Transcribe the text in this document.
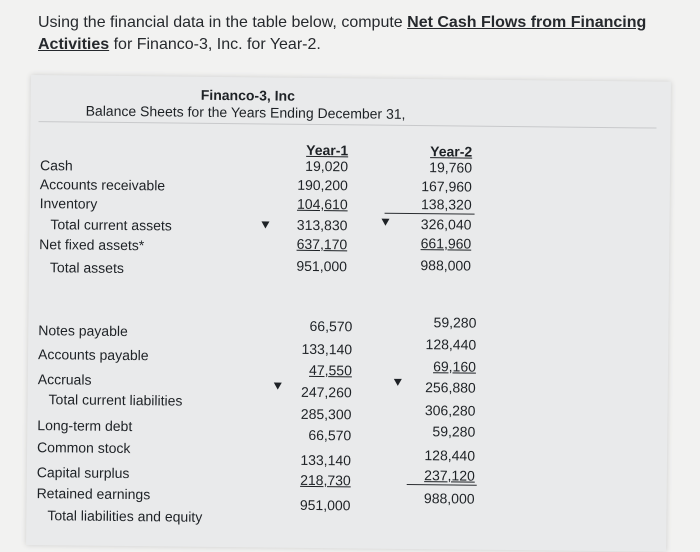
Using the financial data in the table below, compute Net Cash Flows from Financing Activities for Financo-3, Inc. for Year-2.
Financo-3, Inc
Balance Sheets for the Years Ending December 31,
Year-1	Year-2
Cash
Accounts receivable
Inventory
Total current assets
Net fixed assets*
Total assets
19,020
190,200
104,610
313,830
637,170
951,000
19,760
167,960
138,320
326,040
661,960
988,000
Notes payable
Accounts payable
Accruals
Total current liabilities
Long-term debt
Common stock
Capital surplus
Retained earnings
Total liabilities and equity
66,570
133,140
47,550
247,260
285,300
66,570
133,140
218,730
951,000
59,280
128,440
69,160
256,880
306,280
59,280
128,440
237,120
988,000
